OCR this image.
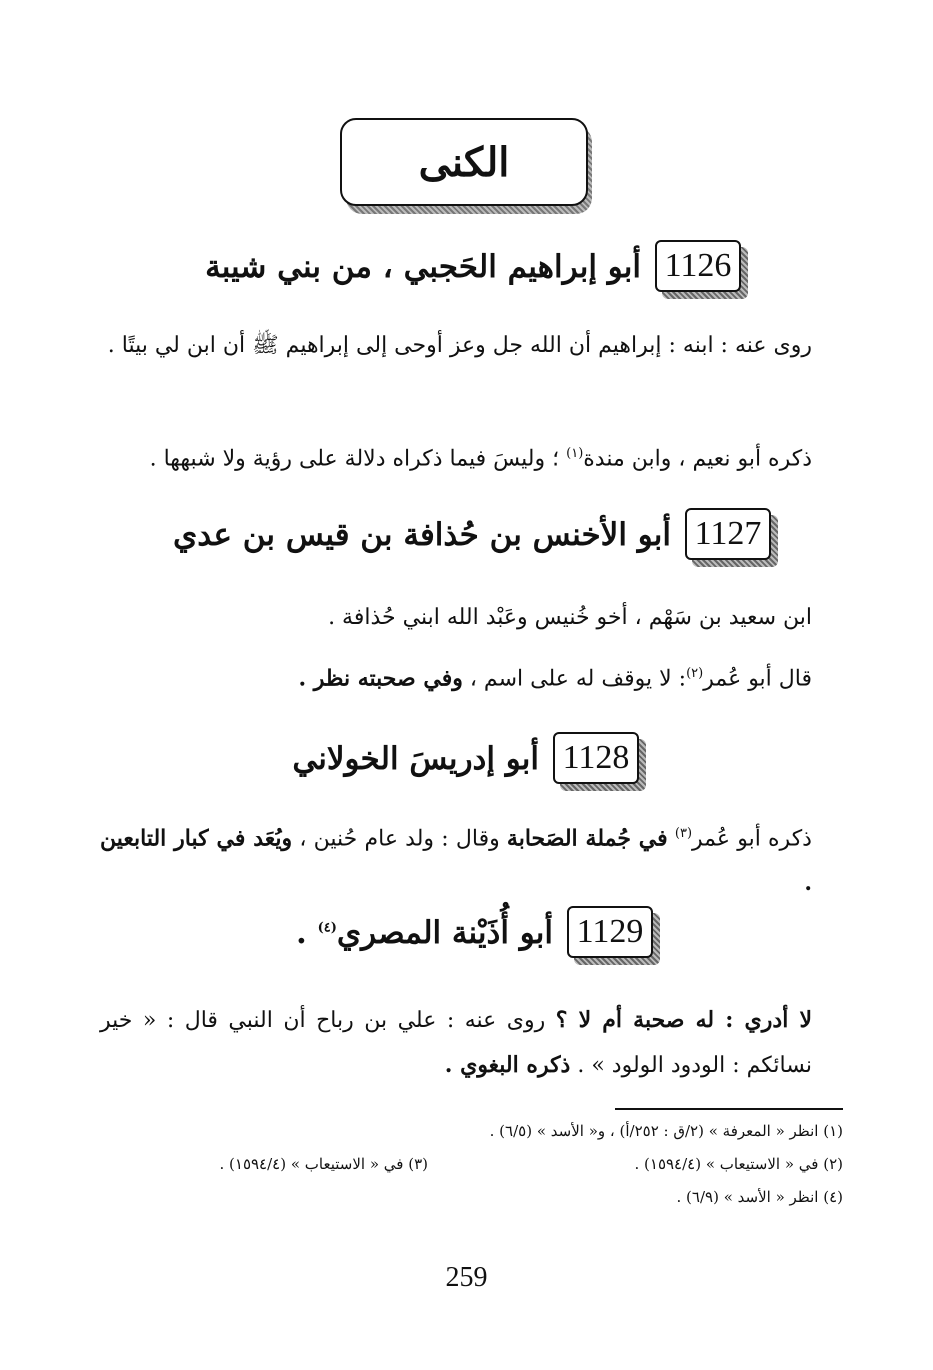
الكنى
1126
أبو إبراهيم الحَجبي ، من بني شيبة
روى عنه : ابنه : إبراهيم أن الله جل وعز أوحى إلى إبراهيم ﷺ أن ابن لي بيتًا .
ذكره أبو نعيم ، وابن مندة$^{(١)}$ ؛ وليسَ فيما ذكراه دلالة على رؤية ولا شبهها .
1127
أبو الأخنس بن حُذافة بن قيس بن عدي
ابن سعيد بن سَهْم ، أخو خُنيس وعَبْد الله ابني حُذافة .
قال أبو عُمر$^{(٢)}$: لا يوقف له على اسم ، وفي صحبته نظر .
1128
أبو إدريسَ الخولاني
ذكره أبو عُمر$^{(٣)}$ في جُملة الصَحابة وقال : ولد عام حُنين ، ويُعَد في كبار التابعين .
1129
أبو أُذَيْنة المصري$^{(٤)}$ .
لا أدري : له صحبة أم لا ؟ روى عنه : علي بن رباح أن النبي قال : « خير نسائكم : الودود الولود » . ذكره البغوي .
(١) انظر « المعرفة » (٢/ق : ٢٥٢/أ) ، و« الأسد » (٦/٥) .
(٢) في « الاستيعاب » (١٥٩٤/٤) .
(٣) في « الاستيعاب » (١٥٩٤/٤) .
(٤) انظر « الأسد » (٦/٩) .
259
